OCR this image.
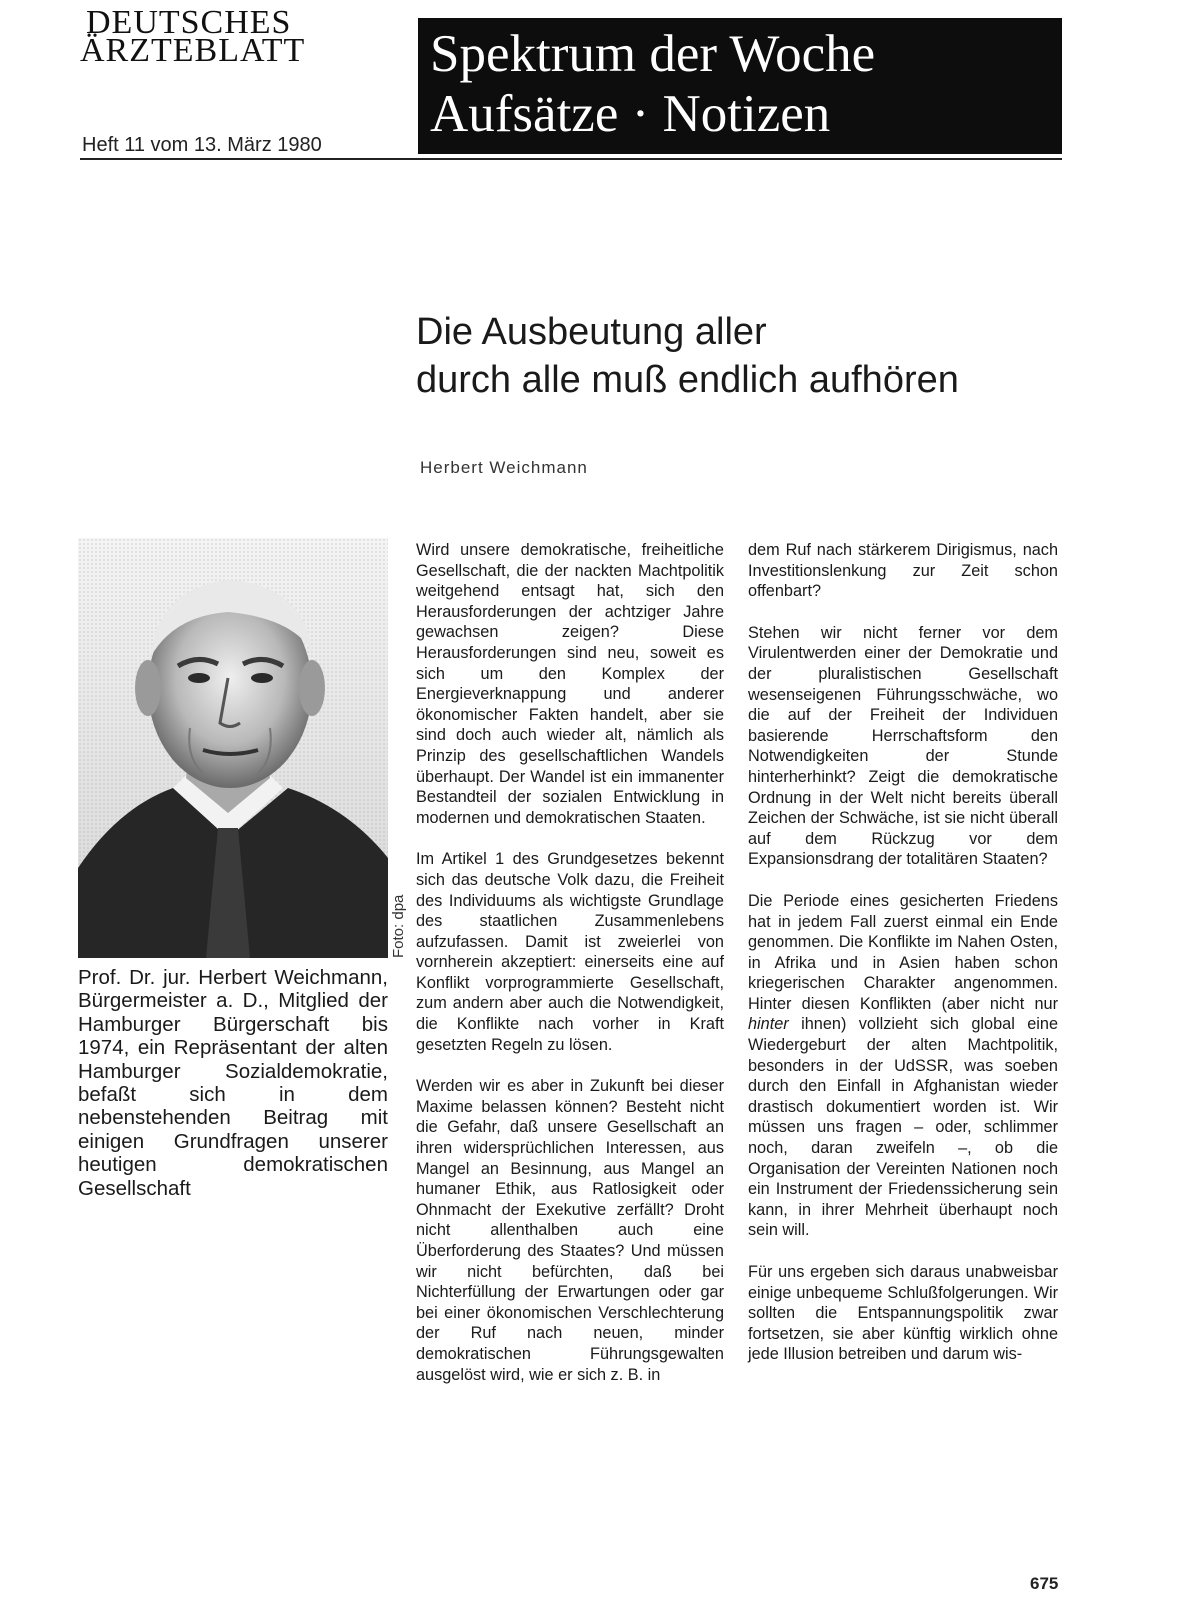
DEUTSCHES
ÄRZTEBLATT
Heft 11 vom 13. März 1980
Spektrum der Woche
Aufsätze · Notizen
Die Ausbeutung aller
durch alle muß endlich aufhören
Herbert Weichmann
Foto: dpa
Prof. Dr. jur. Herbert Weichmann, Bürgermeister a. D., Mitglied der Hamburger Bürgerschaft bis 1974, ein Repräsentant der alten Hamburger Sozialdemokratie, befaßt sich in dem nebenstehenden Beitrag mit einigen Grundfragen unserer heutigen demokratischen Gesellschaft

Wird unsere demokratische, freiheitliche Gesellschaft, die der nackten Machtpolitik weitgehend entsagt hat, sich den Herausforderungen der achtziger Jahre gewachsen zeigen? Diese Herausforderungen sind neu, soweit es sich um den Komplex der Energieverknappung und anderer ökonomischer Fakten handelt, aber sie sind doch auch wieder alt, nämlich als Prinzip des gesellschaftlichen Wandels überhaupt. Der Wandel ist ein immanenter Bestandteil der sozialen Entwicklung in modernen und demokratischen Staaten.

Im Artikel 1 des Grundgesetzes bekennt sich das deutsche Volk dazu, die Freiheit des Individuums als wichtigste Grundlage des staatlichen Zusammenlebens aufzufassen. Damit ist zweierlei von vornherein akzeptiert: einerseits eine auf Konflikt vorprogrammierte Gesellschaft, zum andern aber auch die Notwendigkeit, die Konflikte nach vorher in Kraft gesetzten Regeln zu lösen.

Werden wir es aber in Zukunft bei dieser Maxime belassen können? Besteht nicht die Gefahr, daß unsere Gesellschaft an ihren widersprüchlichen Interessen, aus Mangel an Besinnung, aus Mangel an humaner Ethik, aus Ratlosigkeit oder Ohnmacht der Exekutive zerfällt? Droht nicht allenthalben auch eine Überforderung des Staates? Und müssen wir nicht befürchten, daß bei Nichterfüllung der Erwartungen oder gar bei einer ökonomischen Verschlechterung der Ruf nach neuen, minder demokratischen Führungsgewalten ausgelöst wird, wie er sich z. B. in

dem Ruf nach stärkerem Dirigismus, nach Investitionslenkung zur Zeit schon offenbart?

Stehen wir nicht ferner vor dem Virulentwerden einer der Demokratie und der pluralistischen Gesellschaft wesenseigenen Führungsschwäche, wo die auf der Freiheit der Individuen basierende Herrschaftsform den Notwendigkeiten der Stunde hinterherhinkt? Zeigt die demokratische Ordnung in der Welt nicht bereits überall Zeichen der Schwäche, ist sie nicht überall auf dem Rückzug vor dem Expansionsdrang der totalitären Staaten?

Die Periode eines gesicherten Friedens hat in jedem Fall zuerst einmal ein Ende genommen. Die Konflikte im Nahen Osten, in Afrika und in Asien haben schon kriegerischen Charakter angenommen. Hinter diesen Konflikten (aber nicht nur hinter ihnen) vollzieht sich global eine Wiedergeburt der alten Machtpolitik, besonders in der UdSSR, was soeben durch den Einfall in Afghanistan wieder drastisch dokumentiert worden ist. Wir müssen uns fragen – oder, schlimmer noch, daran zweifeln –, ob die Organisation der Vereinten Nationen noch ein Instrument der Friedenssicherung sein kann, in ihrer Mehrheit überhaupt noch sein will.

Für uns ergeben sich daraus unabweisbar einige unbequeme Schlußfolgerungen. Wir sollten die Entspannungspolitik zwar fortsetzen, sie aber künftig wirklich ohne jede Illusion betreiben und darum wis-

675
